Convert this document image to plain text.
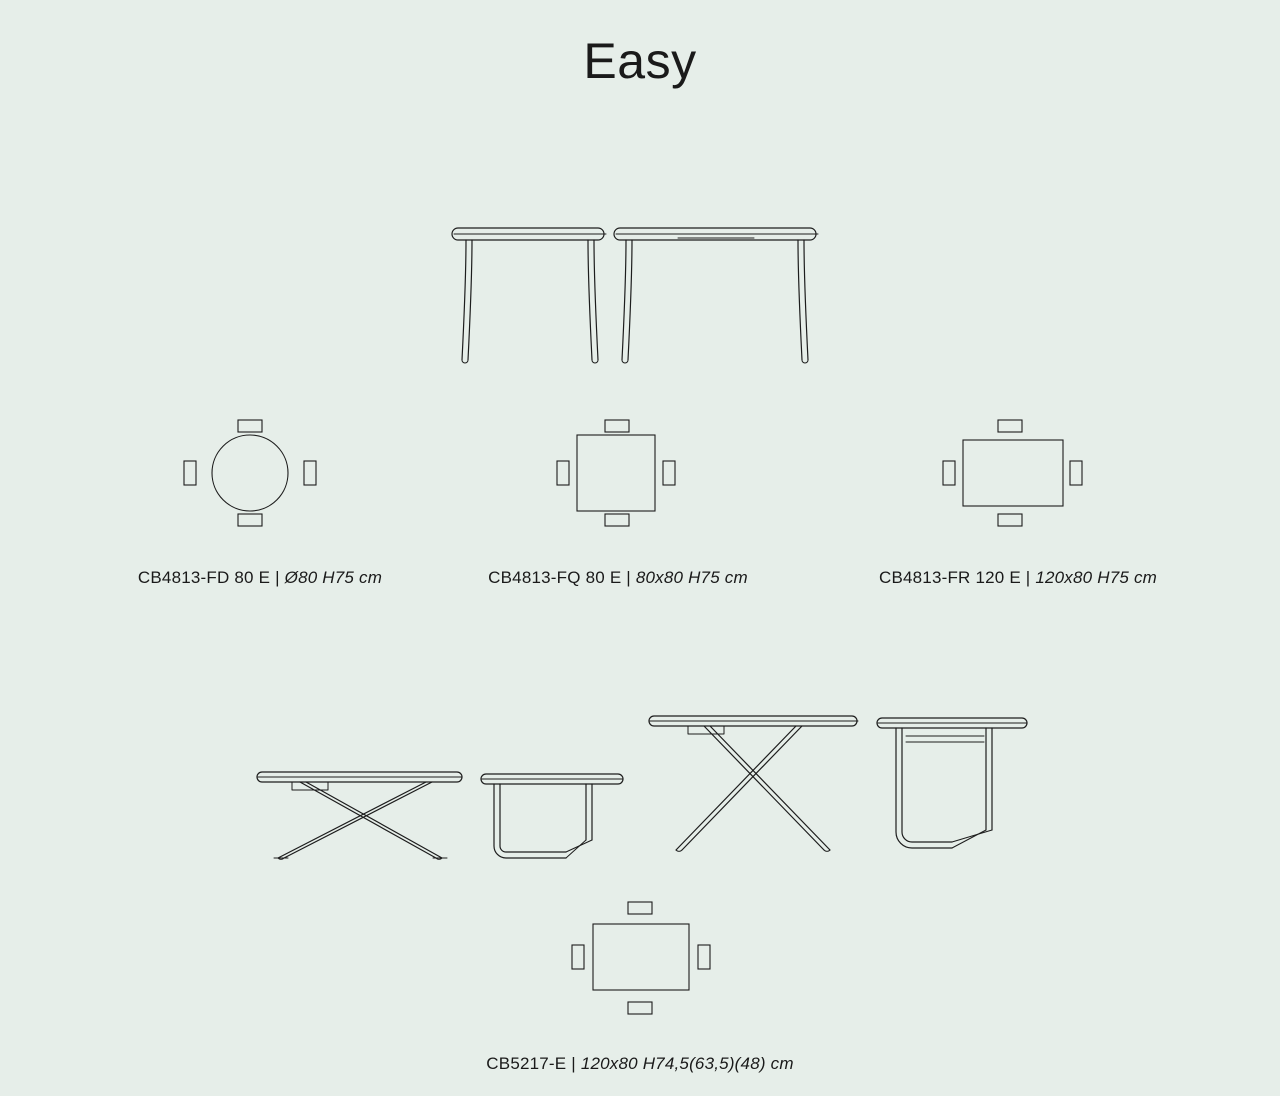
Easy
CB4813-FD 80 E | Ø80 H75 cm	CB4813-FQ 80 E | 80x80 H75 cm	CB4813-FR 120 E | 120x80 H75 cm
CB5217-E | 120x80 H74,5(63,5)(48) cm
